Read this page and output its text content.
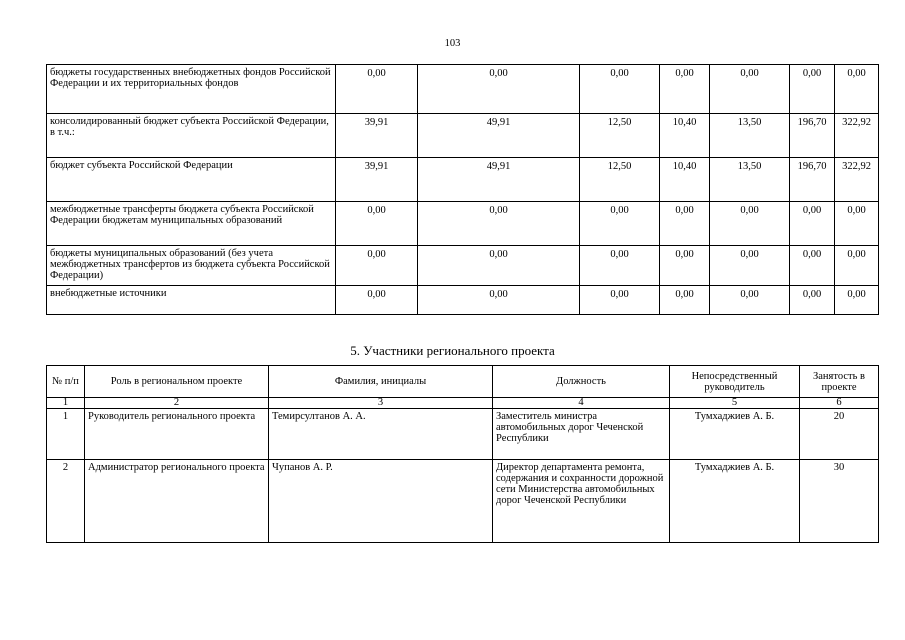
103
бюджеты государственных внебюджетных фондов Российской Федерации и их территориальных фондов	0,00	0,00	0,00	0,00	0,00	0,00	0,00
консолидированный бюджет субъекта Российской Федерации, в т.ч.:	39,91	49,91	12,50	10,40	13,50	196,70	322,92
бюджет субъекта Российской Федерации	39,91	49,91	12,50	10,40	13,50	196,70	322,92
межбюджетные трансферты бюджета субъекта Российской Федерации бюджетам муниципальных образований	0,00	0,00	0,00	0,00	0,00	0,00	0,00
бюджеты муниципальных образований (без учета межбюджетных трансфертов из бюджета субъекта Российской Федерации)	0,00	0,00	0,00	0,00	0,00	0,00	0,00
внебюджетные источники	0,00	0,00	0,00	0,00	0,00	0,00	0,00
5. Участники регионального проекта
№ п/п	Роль в региональном проекте	Фамилия, инициалы	Должность	Непосредственный руководитель	Занятость в проекте
1	2	3	4	5	6
1	Руководитель регионального проекта	Темирсултанов А. А.	Заместитель министра автомобильных дорог Чеченской Республики	Тумхаджиев А. Б.	20
2	Администратор регионального проекта	Чупанов А. Р.	Директор департамента ремонта, содержания и сохранности дорожной сети Министерства автомобильных дорог Чеченской Республики	Тумхаджиев А. Б.	30
